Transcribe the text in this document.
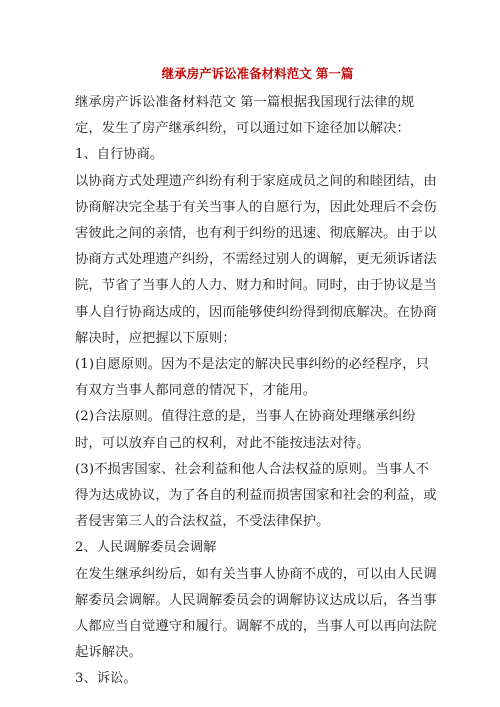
继承房产诉讼准备材料范文 第一篇

继承房产诉讼准备材料范文 第一篇根据我国现行法律的规定，发生了房产继承纠纷，可以通过如下途径加以解决：

1、自行协商。

以协商方式处理遗产纠纷有利于家庭成员之间的和睦团结，由协商解决完全基于有关当事人的自愿行为，因此处理后不会伤害彼此之间的亲情，也有利于纠纷的迅速、彻底解决。由于以协商方式处理遗产纠纷，不需经过别人的调解，更无须诉诸法院，节省了当事人的人力、财力和时间。同时，由于协议是当事人自行协商达成的，因而能够使纠纷得到彻底解决。在协商解决时，应把握以下原则：

(1)自愿原则。因为不是法定的解决民事纠纷的必经程序，只有双方当事人都同意的情况下，才能用。

(2)合法原则。值得注意的是，当事人在协商处理继承纠纷时，可以放弃自己的权利，对此不能按违法对待。

(3)不损害国家、社会利益和他人合法权益的原则。当事人不得为达成协议，为了各自的利益而损害国家和社会的利益，或者侵害第三人的合法权益，不受法律保护。

2、人民调解委员会调解

在发生继承纠纷后，如有关当事人协商不成的，可以由人民调解委员会调解。人民调解委员会的调解协议达成以后，各当事人都应当自觉遵守和履行。调解不成的，当事人可以再向法院起诉解决。

3、诉讼。
